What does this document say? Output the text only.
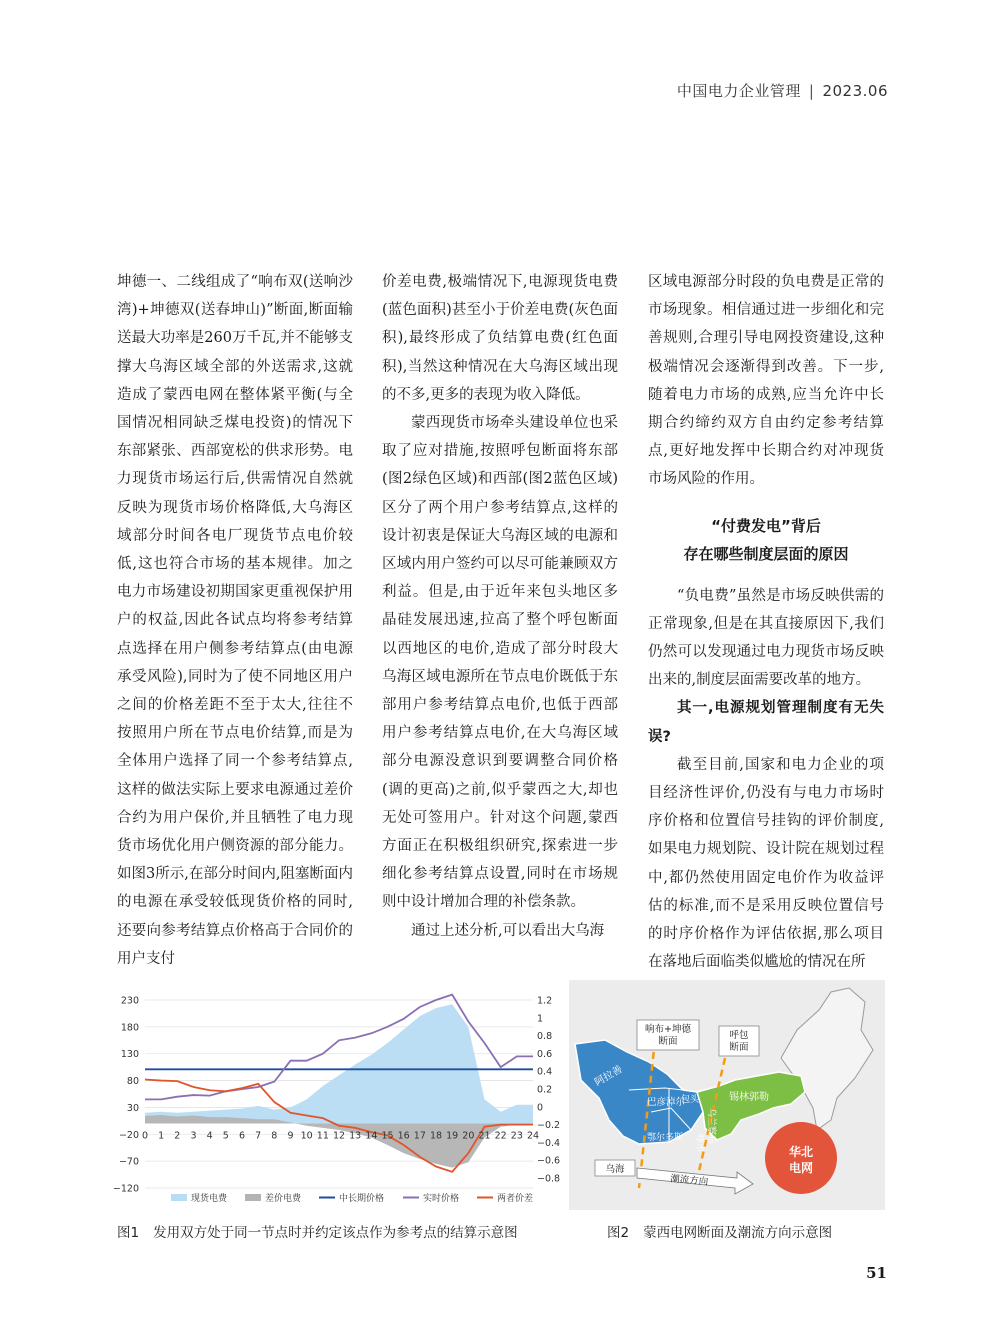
中国电力企业管理 | 2023.06

坤德一、二线组成了“响布双(送响沙湾)+坤德双(送春坤山)”断面,断面输送最大功率是260万千瓦,并不能够支撑大乌海区域全部的外送需求,这就造成了蒙西电网在整体紧平衡(与全国情况相同缺乏煤电投资)的情况下东部紧张、西部宽松的供求形势。电力现货市场运行后,供需情况自然就反映为现货市场价格降低,大乌海区域部分时间各电厂现货节点电价较低,这也符合市场的基本规律。加之电力市场建设初期国家更重视保护用户的权益,因此各试点均将参考结算点选择在用户侧参考结算点(由电源承受风险),同时为了使不同地区用户之间的价格差距不至于太大,往往不按照用户所在节点电价结算,而是为全体用户选择了同一个参考结算点,这样的做法实际上要求电源通过差价合约为用户保价,并且牺牲了电力现货市场优化用户侧资源的部分能力。如图3所示,在部分时间内,阻塞断面内的电源在承受较低现货价格的同时,还要向参考结算点价格高于合同价的用户支付

价差电费,极端情况下,电源现货电费(蓝色面积)甚至小于价差电费(灰色面积),最终形成了负结算电费(红色面积),当然这种情况在大乌海区域出现的不多,更多的表现为收入降低。

蒙西现货市场牵头建设单位也采取了应对措施,按照呼包断面将东部(图2绿色区域)和西部(图2蓝色区域)区分了两个用户参考结算点,这样的设计初衷是保证大乌海区域的电源和区域内用户签约可以尽可能兼顾双方利益。但是,由于近年来包头地区多晶硅发展迅速,拉高了整个呼包断面以西地区的电价,造成了部分时段大乌海区域电源所在节点电价既低于东部用户参考结算点电价,也低于西部用户参考结算点电价,在大乌海区域部分电源没意识到要调整合同价格(调的更高)之前,似乎蒙西之大,却也无处可签用户。针对这个问题,蒙西方面正在积极组织研究,探索进一步细化参考结算点设置,同时在市场规则中设计增加合理的补偿条款。

通过上述分析,可以看出大乌海

区域电源部分时段的负电费是正常的市场现象。相信通过进一步细化和完善规则,合理引导电网投资建设,这种极端情况会逐渐得到改善。下一步,随着电力市场的成熟,应当允许中长期合约缔约双方自由约定参考结算点,更好地发挥中长期合约对冲现货市场风险的作用。

“付费发电”背后
存在哪些制度层面的原因

“负电费”虽然是市场反映供需的正常现象,但是在其直接原因下,我们仍然可以发现通过电力现货市场反映出来的,制度层面需要改革的地方。

其一,电源规划管理制度有无失误?

截至目前,国家和电力企业的项目经济性评价,仍没有与电力市场时序价格和位置信号挂钩的评价制度,如果电力规划院、设计院在规划过程中,都仍然使用固定电价作为收益评估的标准,而不是采用反映位置信号的时序价格作为评估依据,那么项目在落地后面临类似尴尬的情况在所

230
180
130
80
30
−20
−70
−120
1.2
1
0.8
0.6
0.4
0.2
0
−0.2
−0.4
−0.6
−0.8
0 1 2 3 4 5 6 7 8 9 10 11 12 13 14 15 16 17 18 19 20 21 22 23 24
现货电费	差价电费	中长期价格	实时价格	两者价差
响布+坤德
断面
呼包
断面
阿拉善
巴彦淖尔
包头
鄂尔多斯
锡林郭勒
乌兰察布
呼市
乌海
潮流方向
华北
电网
图1 发用双方处于同一节点时并约定该点作为参考点的结算示意图	图2 蒙西电网断面及潮流方向示意图
51
